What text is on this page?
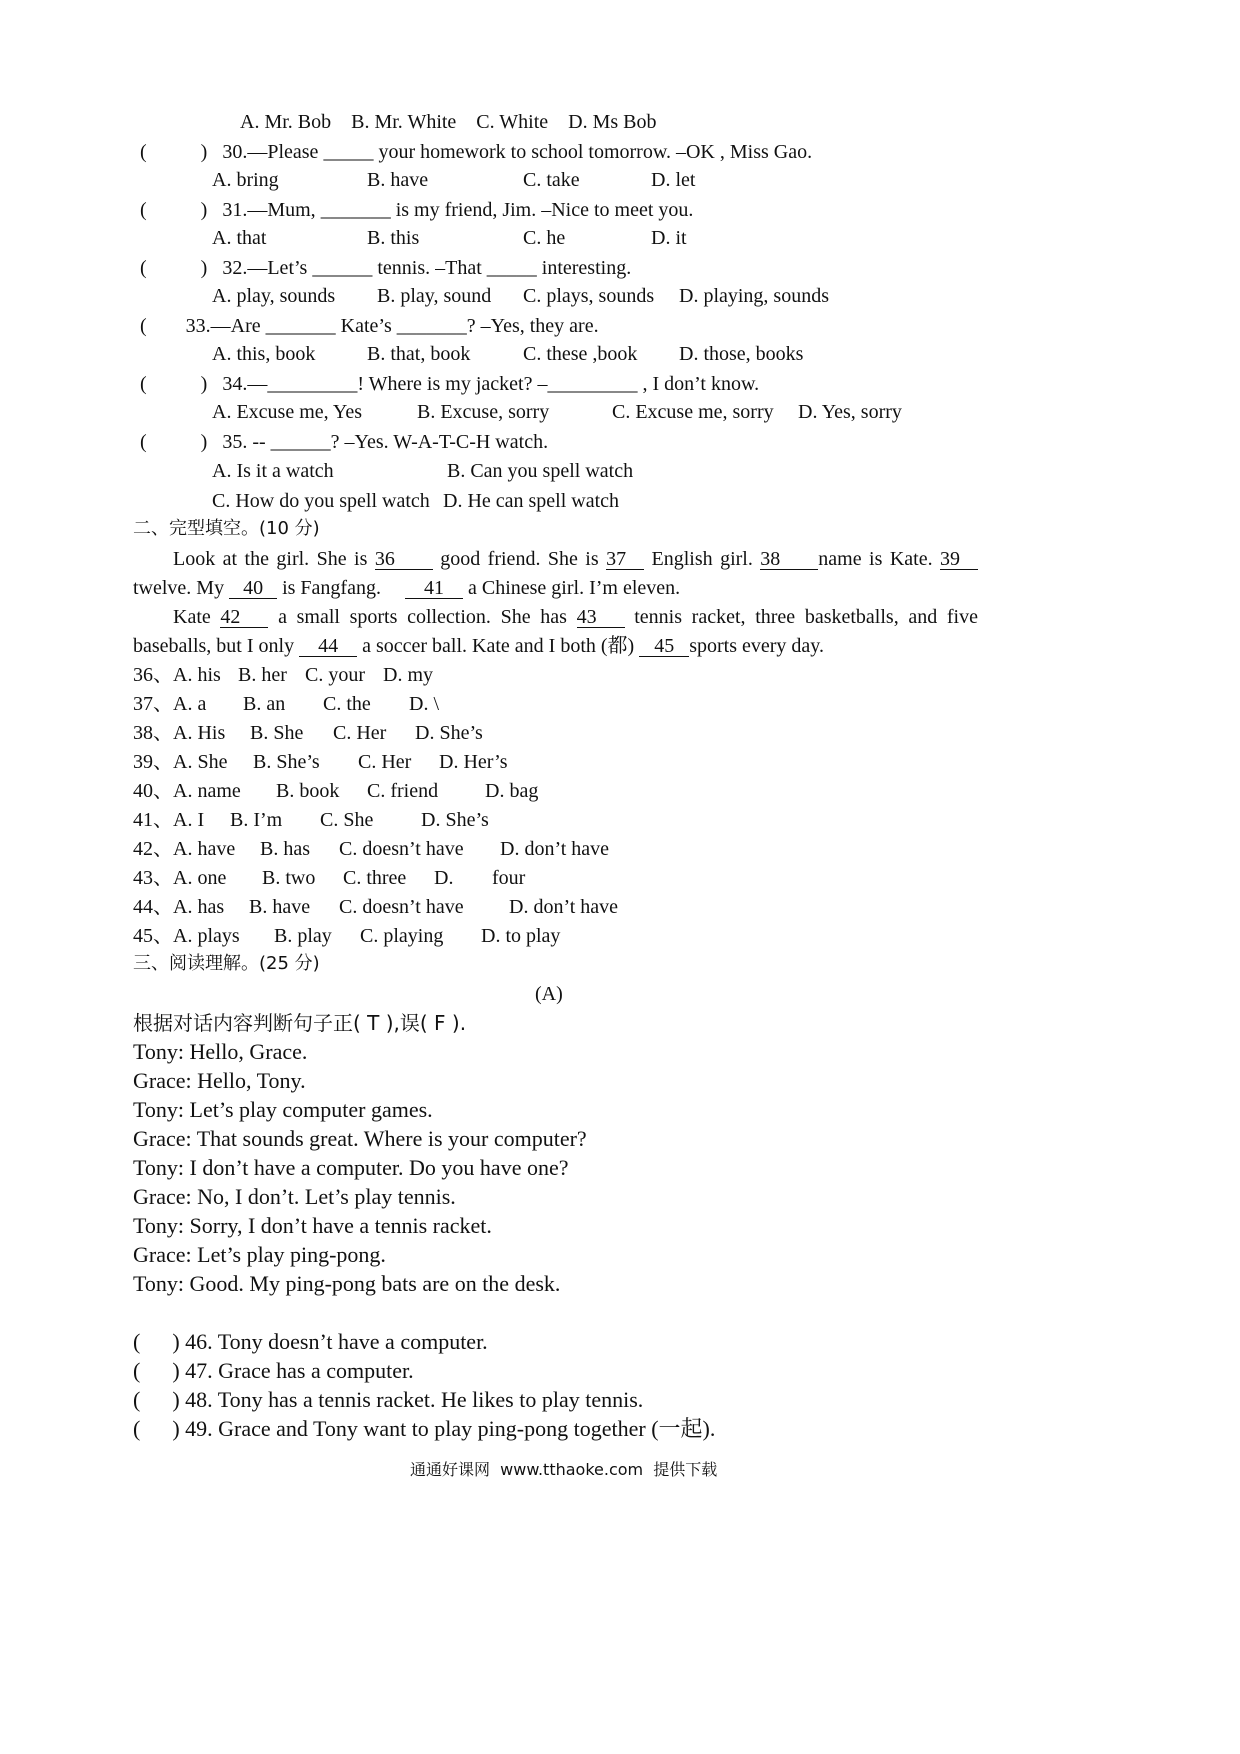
A. Mr. Bob    B. Mr. White    C. White    D. Ms Bob
(	) 30.—Please _____ your homework to school tomorrow. –OK , Miss Gao.
A. bring	B. have	C. take	D. let
(	) 31.—Mum, _______ is my friend, Jim. –Nice to meet you.
A. that	B. this	C. he	D. it
(	) 32.—Let’s ______ tennis. –That _____ interesting.
A. play, sounds B. play, sound C. plays, sounds D. playing, sounds
( 33.—Are _______ Kate’s _______? –Yes, they are.
A. this, book	B. that, book	C. these ,book D. those, books
(	) 34.—_________! Where is my jacket? –_________ , I don’t know.
A. Excuse me, Yes	B. Excuse, sorry	C. Excuse me, sorry D. Yes, sorry
(	) 35. -- ______? –Yes. W-A-T-C-H watch.
A. Is it a watch	B. Can you spell watch
C. How do you spell watch D. He can spell watch
二、完型填空。(10 分)
Look at the girl. She is 36 good friend. She is 37 English girl. 38 name is Kate. 39
twelve. My 40 is Fangfang.  41 a Chinese girl. I’m eleven.
Kate 42 a small sports collection. She has 43 tennis racket, three basketballs, and five
baseballs, but I only 44 a soccer ball. Kate and I both (都) 45 sports every day.
36、A. his B. her C. your D. my
37、A. a B. an C. the D. \
38、A. His B. She C. Her D. She’s
39、A. She B. She’s C. Her D. Her’s
40、A. name B. book C. friend D. bag
41、A. I B. I’m C. She D. She’s
42、A. have B. has C. doesn’t have D. don’t have
43、A. one B. two C. three D. four
44、A. has B. have C. doesn’t have D. don’t have
45、A. plays B. play C. playing D. to play
三、阅读理解。(25 分)
(A)
根据对话内容判断句子正( T ),误( F ).
Tony: Hello, Grace.
Grace: Hello, Tony.
Tony: Let’s play computer games.
Grace: That sounds great. Where is your computer?
Tony: I don’t have a computer. Do you have one?
Grace: No, I don’t. Let’s play tennis.
Tony: Sorry, I don’t have a tennis racket.
Grace: Let’s play ping-pong.
Tony: Good. My ping-pong bats are on the desk.
( ) 46. Tony doesn’t have a computer.
( ) 47. Grace has a computer.
( ) 48. Tony has a tennis racket. He likes to play tennis.
( ) 49. Grace and Tony want to play ping-pong together (一起).
通通好课网  www.tthaoke.com  提供下载
